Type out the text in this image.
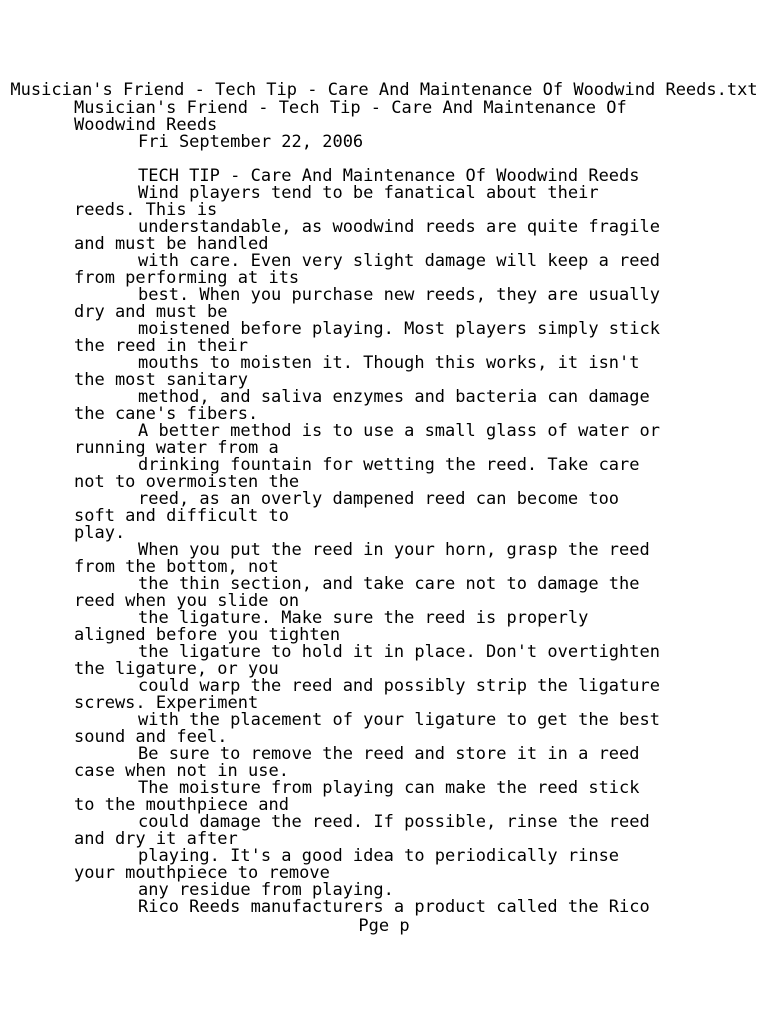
Musician's Friend - Tech Tip - Care And Maintenance Of Woodwind Reeds.txt
Musician's Friend - Tech Tip - Care And Maintenance Of
Woodwind Reeds
Fri September 22, 2006
TECH TIP - Care And Maintenance Of Woodwind Reeds
Wind players tend to be fanatical about their
reeds. This is
understandable, as woodwind reeds are quite fragile
and must be handled
with care. Even very slight damage will keep a reed
from performing at its
best. When you purchase new reeds, they are usually
dry and must be
moistened before playing. Most players simply stick
the reed in their
mouths to moisten it. Though this works, it isn't
the most sanitary
method, and saliva enzymes and bacteria can damage
the cane's fibers.
A better method is to use a small glass of water or
running water from a
drinking fountain for wetting the reed. Take care
not to overmoisten the
reed, as an overly dampened reed can become too
soft and difficult to
play.
When you put the reed in your horn, grasp the reed
from the bottom, not
the thin section, and take care not to damage the
reed when you slide on
the ligature. Make sure the reed is properly
aligned before you tighten
the ligature to hold it in place. Don't overtighten
the ligature, or you
could warp the reed and possibly strip the ligature
screws. Experiment
with the placement of your ligature to get the best
sound and feel.
Be sure to remove the reed and store it in a reed
case when not in use.
The moisture from playing can make the reed stick
to the mouthpiece and
could damage the reed. If possible, rinse the reed
and dry it after
playing. It's a good idea to periodically rinse
your mouthpiece to remove
any residue from playing.
Rico Reeds manufacturers a product called the Rico
Pge p
